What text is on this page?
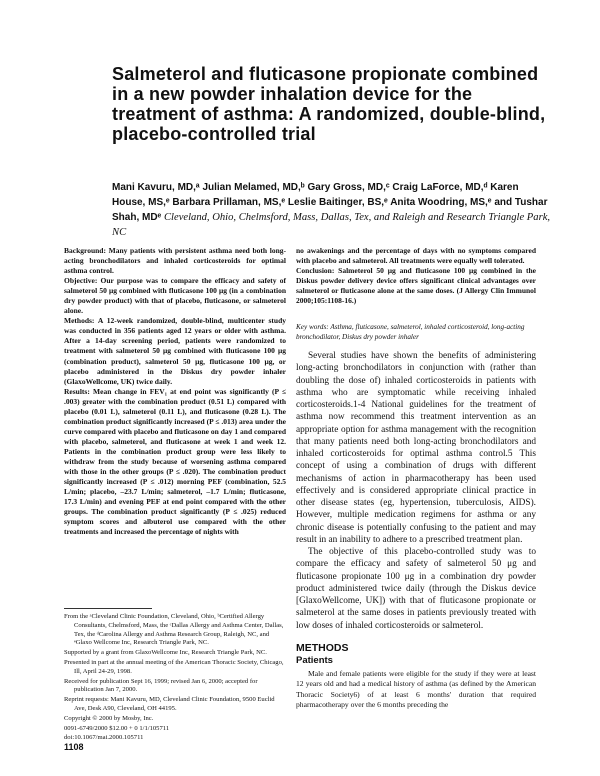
Salmeterol and fluticasone propionate combined in a new powder inhalation device for the treatment of asthma: A randomized, double-blind, placebo-controlled trial
Mani Kavuru, MD,ᵃ Julian Melamed, MD,ᵇ Gary Gross, MD,ᶜ Craig LaForce, MD,ᵈ Karen House, MS,ᵉ Barbara Prillaman, MS,ᵉ Leslie Baitinger, BS,ᵉ Anita Woodring, MS,ᵉ and Tushar Shah, MDᵉ Cleveland, Ohio, Chelmsford, Mass, Dallas, Tex, and Raleigh and Research Triangle Park, NC

Background: Many patients with persistent asthma need both long-acting bronchodilators and inhaled corticosteroids for optimal asthma control.

Objective: Our purpose was to compare the efficacy and safety of salmeterol 50 μg combined with fluticasone 100 μg (in a combination dry powder product) with that of placebo, fluticasone, or salmeterol alone.

Methods: A 12-week randomized, double-blind, multicenter study was conducted in 356 patients aged 12 years or older with asthma. After a 14-day screening period, patients were randomized to treatment with salmeterol 50 μg combined with fluticasone 100 μg (combination product), salmeterol 50 μg, fluticasone 100 μg, or placebo administered in the Diskus dry powder inhaler (GlaxoWellcome, UK) twice daily.

Results: Mean change in FEV₁ at end point was significantly (P ≤ .003) greater with the combination product (0.51 L) compared with placebo (0.01 L), salmeterol (0.11 L), and fluticasone (0.28 L). The combination product significantly increased (P ≤ .013) area under the curve compared with placebo and fluticasone on day 1 and compared with placebo, salmeterol, and fluticasone at week 1 and week 12. Patients in the combination product group were less likely to withdraw from the study because of worsening asthma compared with those in the other groups (P ≤ .020). The combination product significantly increased (P ≤ .012) morning PEF (combination, 52.5 L/min; placebo, –23.7 L/min; salmeterol, –1.7 L/min; fluticasone, 17.3 L/min) and evening PEF at end point compared with the other groups. The combination product significantly (P ≤ .025) reduced symptom scores and albuterol use compared with the other treatments and increased the percentage of nights with

no awakenings and the percentage of days with no symptoms compared with placebo and salmeterol. All treatments were equally well tolerated.

Conclusion: Salmeterol 50 μg and fluticasone 100 μg combined in the Diskus powder delivery device offers significant clinical advantages over salmeterol or fluticasone alone at the same doses. (J Allergy Clin Immunol 2000;105:1108-16.)

Key words: Asthma, fluticasone, salmeterol, inhaled corticosteroid, long-acting bronchodilator, Diskus dry powder inhaler

Several studies have shown the benefits of administering long-acting bronchodilators in conjunction with (rather than doubling the dose of) inhaled corticosteroids in patients with asthma who are symptomatic while receiving inhaled corticosteroids.1-4 National guidelines for the treatment of asthma now recommend this treatment intervention as an appropriate option for asthma management with the recognition that many patients need both long-acting bronchodilators and inhaled corticosteroids for optimal asthma control.5 This concept of using a combination of drugs with different mechanisms of action in pharmacotherapy has been used effectively and is considered appropriate clinical practice in other disease states (eg, hypertension, tuberculosis, AIDS). However, multiple medication regimens for asthma or any chronic disease is potentially confusing to the patient and may result in an inability to adhere to a prescribed treatment plan.

The objective of this placebo-controlled study was to compare the efficacy and safety of salmeterol 50 μg and fluticasone propionate 100 μg in a combination dry powder product administered twice daily (through the Diskus device [GlaxoWellcome, UK]) with that of fluticasone propionate or salmeterol at the same doses in patients previously treated with low doses of inhaled corticosteroids or salmeterol.

METHODS
Patients

Male and female patients were eligible for the study if they were at least 12 years old and had a medical history of asthma (as defined by the American Thoracic Society6) of at least 6 months' duration that required pharmacotherapy over the 6 months preceding the

From the ᵃCleveland Clinic Foundation, Cleveland, Ohio, ᵇCertified Allergy Consultants, Chelmsford, Mass, the ᶜDallas Allergy and Asthma Center, Dallas, Tex, the ᵈCarolina Allergy and Asthma Research Group, Raleigh, NC, and ᵉGlaxo Wellcome Inc, Research Triangle Park, NC.

Supported by a grant from GlaxoWellcome Inc, Research Triangle Park, NC.

Presented in part at the annual meeting of the American Thoracic Society, Chicago, Ill, April 24-29, 1998.

Received for publication Sept 16, 1999; revised Jan 6, 2000; accepted for publication Jan 7, 2000.

Reprint requests: Mani Kavuru, MD, Cleveland Clinic Foundation, 9500 Euclid Ave, Desk A90, Cleveland, OH 44195.

Copyright © 2000 by Mosby, Inc.

0091-6749/2000 $12.00 + 0 1/1/105711

doi:10.1067/mai.2000.105711

1108
